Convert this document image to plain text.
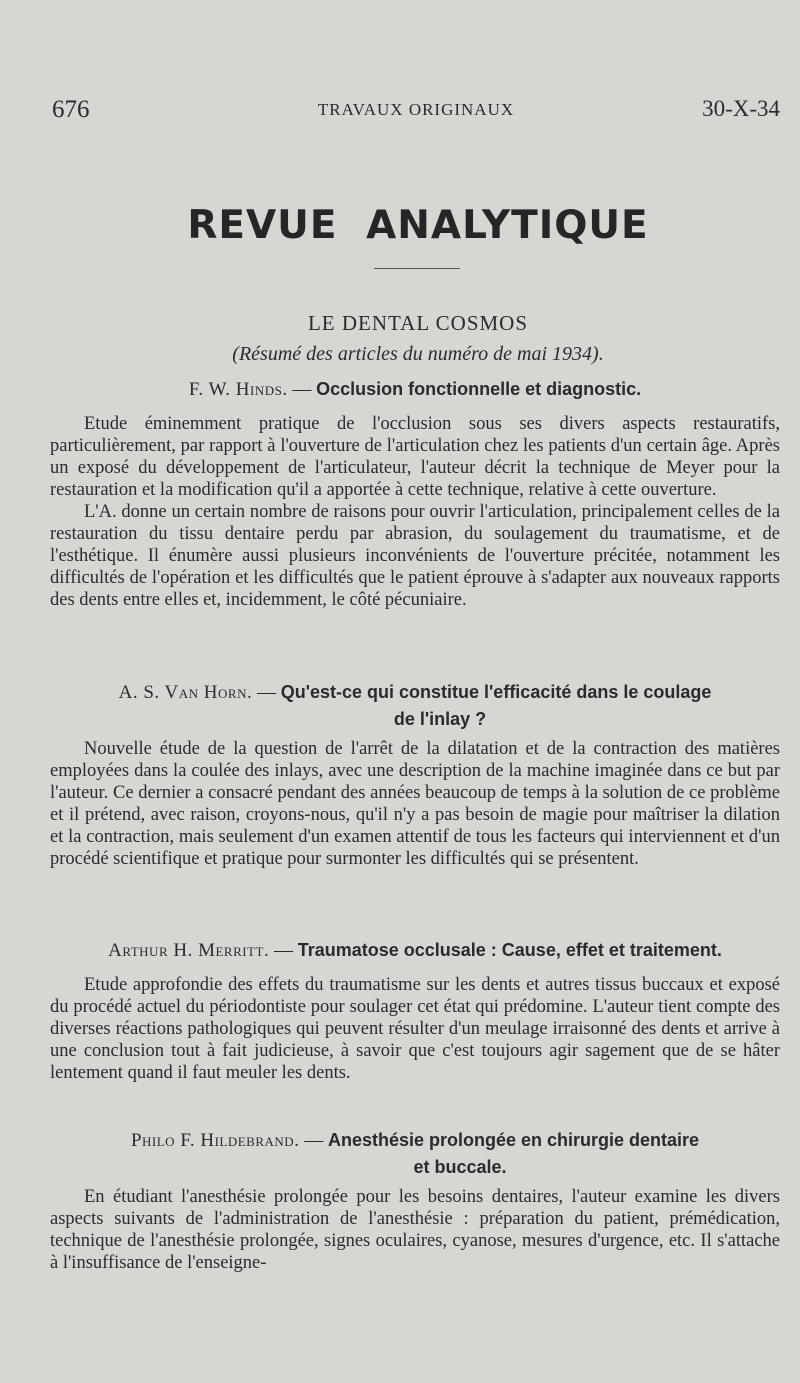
676	TRAVAUX ORIGINAUX	30-X-34
REVUE ANALYTIQUE
LE DENTAL COSMOS
(Résumé des articles du numéro de mai 1934).
F. W. Hinds. — Occlusion fonctionnelle et diagnostic.

Etude éminemment pratique de l'occlusion sous ses divers aspects restauratifs, particulièrement, par rapport à l'ouverture de l'articulation chez les patients d'un certain âge. Après un exposé du développement de l'articulateur, l'auteur décrit la technique de Meyer pour la restauration et la modification qu'il a apportée à cette technique, relative à cette ouverture.

L'A. donne un certain nombre de raisons pour ouvrir l'articulation, principalement celles de la restauration du tissu dentaire perdu par abrasion, du soulagement du traumatisme, et de l'esthétique. Il énumère aussi plusieurs inconvénients de l'ouverture précitée, notamment les difficultés de l'opération et les difficultés que le patient éprouve à s'adapter aux nouveaux rapports des dents entre elles et, incidemment, le côté pécuniaire.

A. S. Van Horn. — Qu'est-ce qui constitue l'efficacité dans le coulage
de l'inlay ?

Nouvelle étude de la question de l'arrêt de la dilatation et de la contraction des matières employées dans la coulée des inlays, avec une description de la machine imaginée dans ce but par l'auteur. Ce dernier a consacré pendant des années beaucoup de temps à la solution de ce problème et il prétend, avec raison, croyons-nous, qu'il n'y a pas besoin de magie pour maîtriser la dilation et la contraction, mais seulement d'un examen attentif de tous les facteurs qui interviennent et d'un procédé scientifique et pratique pour surmonter les difficultés qui se présentent.

Arthur H. Merritt. — Traumatose occlusale : Cause, effet et traitement.

Etude approfondie des effets du traumatisme sur les dents et autres tissus buccaux et exposé du procédé actuel du périodontiste pour soulager cet état qui prédomine. L'auteur tient compte des diverses réactions pathologiques qui peuvent résulter d'un meulage irraisonné des dents et arrive à une conclusion tout à fait judicieuse, à savoir que c'est toujours agir sagement que de se hâter lentement quand il faut meuler les dents.

Philo F. Hildebrand. — Anesthésie prolongée en chirurgie dentaire
et buccale.

En étudiant l'anesthésie prolongée pour les besoins dentaires, l'auteur examine les divers aspects suivants de l'administration de l'anesthésie : préparation du patient, prémédication, technique de l'anesthésie prolongée, signes oculaires, cyanose, mesures d'urgence, etc. Il s'attache à l'insuffisance de l'enseigne-
